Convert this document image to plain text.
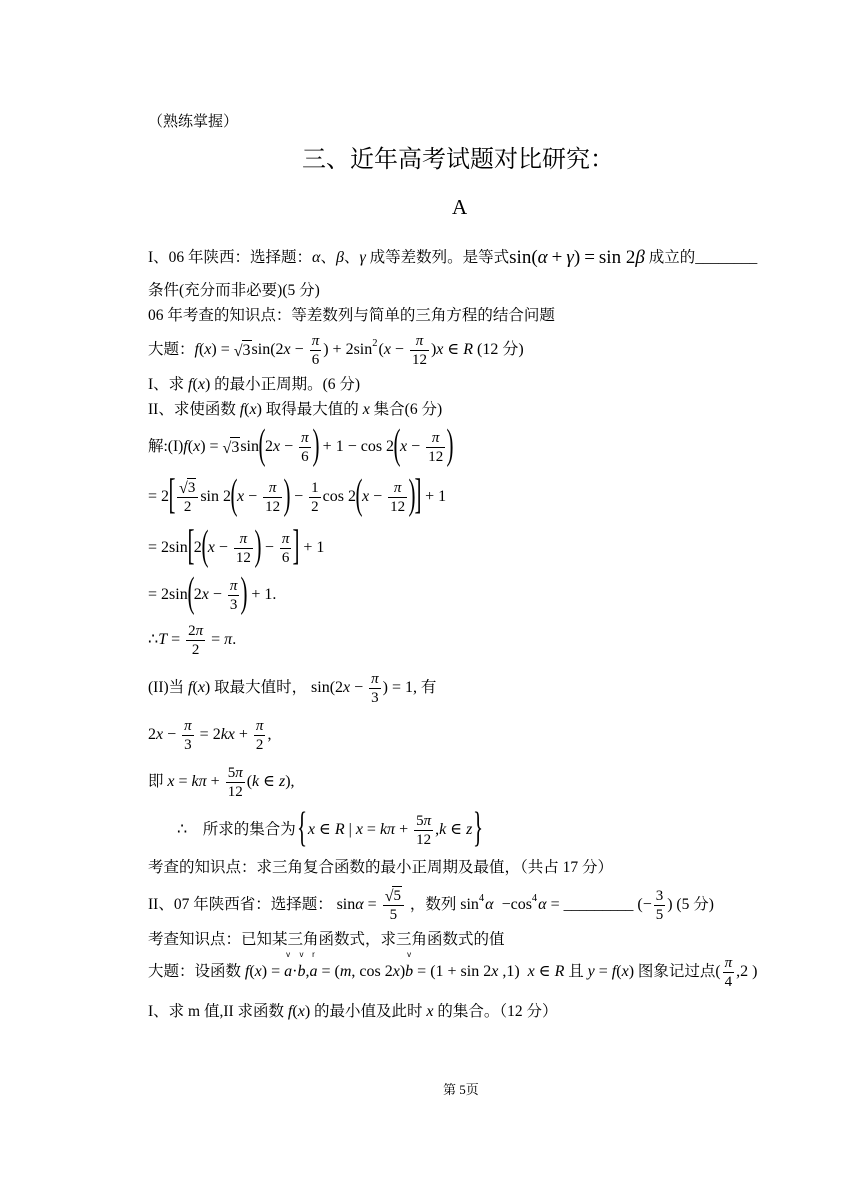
（熟练掌握）
三、近年高考试题对比研究：
A
I、06 年陕西：选择题： α 、 β 、 γ 成等差数列。是等式 sin( α + γ ) = sin 2 β 成立的 ________
条件(充分而非必要)(5 分)
06 年考查的知识点：等差数列与简单的三角方程的结合问题
大题： f ( x ) = √ 3 sin(2 $x - \frac{\pi}{6}$ ) + 2sin 2 ( $x - \frac{\pi}{12}$ ) x ∈ R (12 分)
I、求 f ( x ) 的最小正周期。(6 分)
II、求使函数 f ( x ) 取得最大值的 x 集合(6 分)
解:(I) f ( x ) = √ 3 sin ( 2 $x - \frac{\pi}{6}$ ) + 1 − cos 2 ( $x - \frac{\pi}{12}$ )
= 2 [ $\frac{√ 3}{2}$ sin 2 ( $x - \frac{\pi}{12}$ ) − $\frac{1}{2}$ cos 2 ( $x - \frac{\pi}{12}$ ) ] + 1
= 2sin [ 2 ( $x - \frac{\pi}{12}$ ) − $\frac{\pi}{6}$ ] + 1
= 2sin ( 2 $x - \frac{\pi}{3}$ ) + 1.
∴ $T = \frac{2 \pi}{2} = \pi$ .
(II)当 f ( x ) 取最大值时， sin(2 $x - \frac{\pi}{3}$ ) = 1, 有
2 $x - \frac{\pi}{3} = 2$ kx + $\frac{\pi}{2}$ ,
即 $x = k\pi + \frac{5 \pi}{12}$ ( k ∈ z ),
∴ 所求的集合为 { x ∈ R | $x = k\pi + \frac{5 \pi}{12}$ , k ∈ z }
考查的知识点：求三角复合函数的最小正周期及最值，（共占 17 分）
II、07 年陕西省：选择题： $\sin \alpha = \frac{√ 5}{5}$ ，数列 sin 4 α −cos 4 α = _________ ( − $\frac{3}{5}$ ) (5 分)
考查知识点：已知某三角函数式，求三角函数式的值
大题：设函数 f ( x ) = a
v
· b
v
, a
r
= ( m , cos 2 x ) b
v
= (1 + sin 2 x ,1) x ∈ R 且 y = f ( x ) 图象记过点( $\frac{\pi}{4} ,2$ )
I、求 m 值,II 求函数 f ( x ) 的最小值及此时 x 的集合。（12 分）
第 5页
